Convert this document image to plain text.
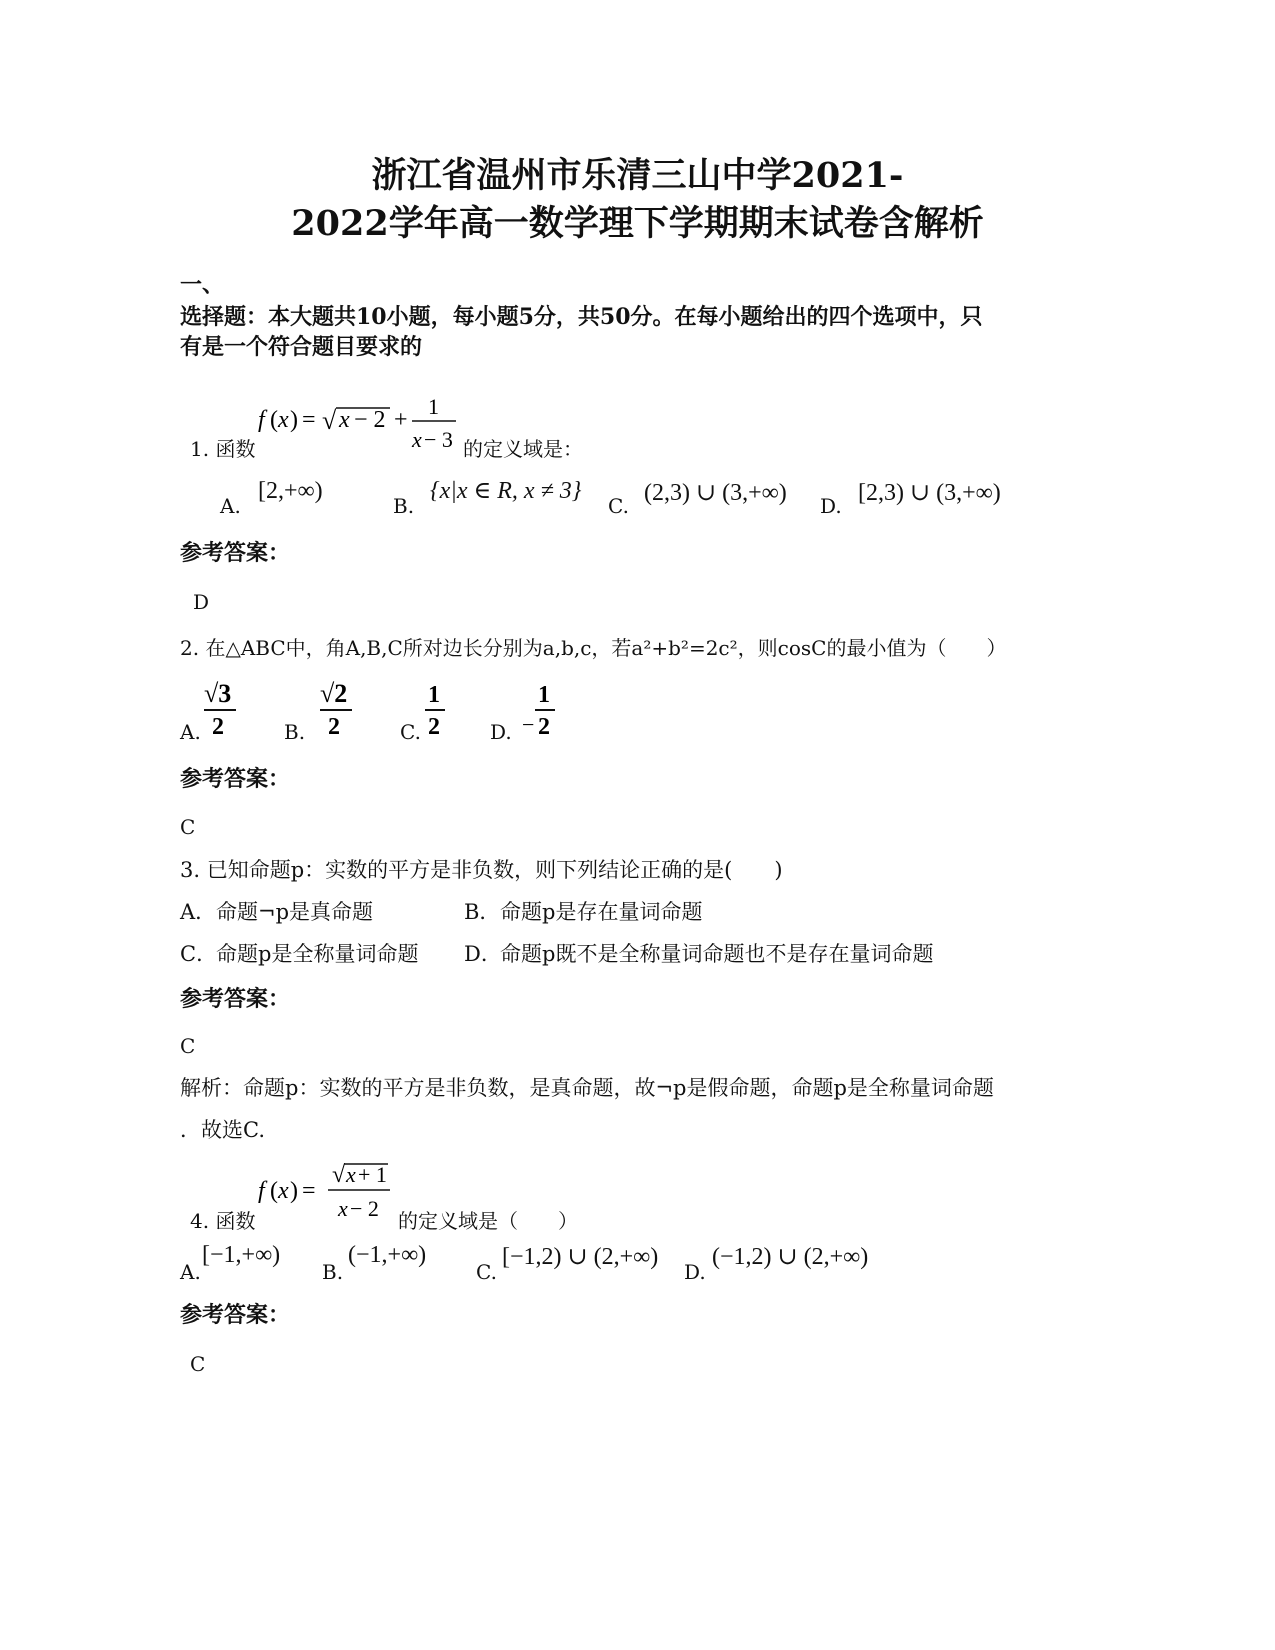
浙江省温州市乐清三山中学2021-
2022学年高一数学理下学期期末试卷含解析
一、
选择题：本大题共10小题，每小题5分，共50分。在每小题给出的四个选项中，只
有是一个符合题目要求的
1. 函数
f ( x ) = √ x − 2 +
1
x − 3 的定义域是：
A.
[2,+∞)
B.
{x|x ∈ R, x ≠ 3}
C. (2,3) ∪ (3,+∞) D. [2,3) ∪ (3,+∞)
参考答案：
D
2. 在△ABC中，角A,B,C所对边长分别为a,b,c，若a²+b²=2c²，则cosC的最小值为（　　）
A.
√3
2	B.
√2
2	C.
1
2	D. −
1
2
参考答案：
C
3. 已知命题p：实数的平方是非负数，则下列结论正确的是(　　)
A． 命题¬p是真命题	B． 命题p是存在量词命题
C．
命题p是全称量词命题 D．
命题p既不是全称量词命题也不是存在量词命题
参考答案：
C
解析：命题p：实数的平方是非负数，是真命题，故¬p是假命题，命题p是全称量词命题
．故选C.
4. 函数
f ( x ) =
√ x + 1
x − 2 的定义域是（　　）
A.
[−1,+∞)
B.
(−1,+∞)
C.
[−1,2) ∪ (2,+∞)
D.
(−1,2) ∪ (2,+∞)
参考答案：
C
